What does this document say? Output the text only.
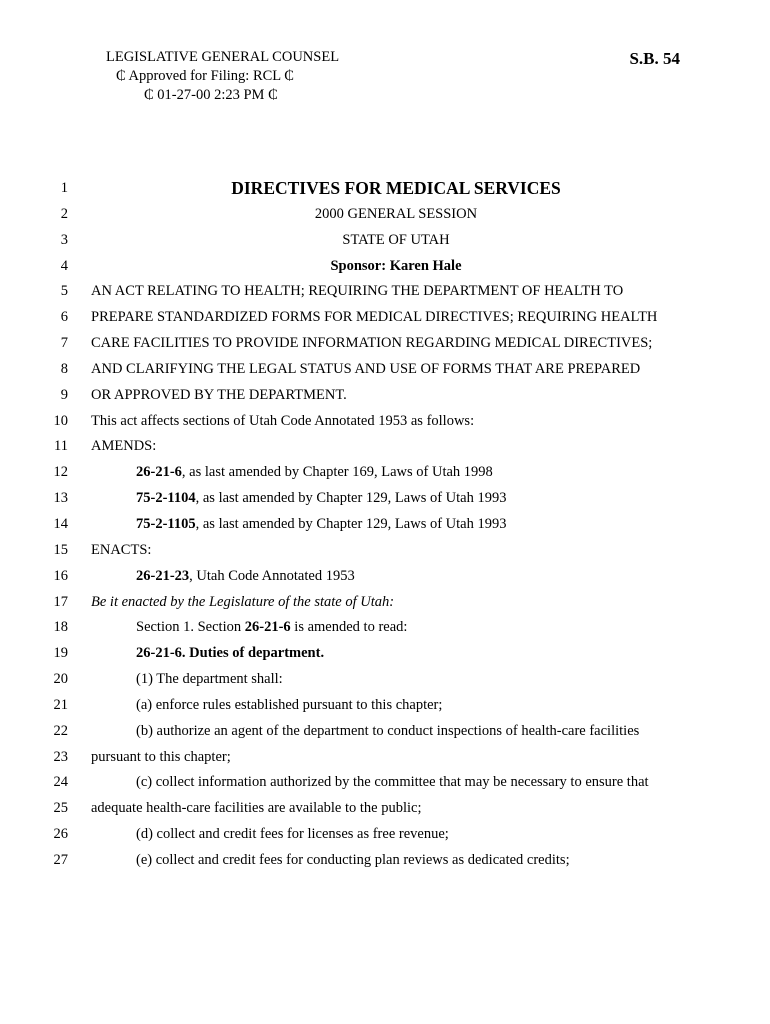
LEGISLATIVE GENERAL COUNSEL
₵ Approved for Filing: RCL ₵
₵ 01-27-00 2:23 PM ₵
S.B. 54
1	DIRECTIVES FOR MEDICAL SERVICES
2	2000 GENERAL SESSION
3	STATE OF UTAH
4	Sponsor: Karen Hale
5 AN ACT RELATING TO HEALTH; REQUIRING THE DEPARTMENT OF HEALTH TO
6 PREPARE STANDARDIZED FORMS FOR MEDICAL DIRECTIVES; REQUIRING HEALTH
7 CARE FACILITIES TO PROVIDE INFORMATION REGARDING MEDICAL DIRECTIVES;
8 AND CLARIFYING THE LEGAL STATUS AND USE OF FORMS THAT ARE PREPARED
9 OR APPROVED BY THE DEPARTMENT.
10 This act affects sections of Utah Code Annotated 1953 as follows:
11 AMENDS:
12	26-21-6, as last amended by Chapter 169, Laws of Utah 1998
13	75-2-1104, as last amended by Chapter 129, Laws of Utah 1993
14	75-2-1105, as last amended by Chapter 129, Laws of Utah 1993
15 ENACTS:
16	26-21-23, Utah Code Annotated 1953
17 Be it enacted by the Legislature of the state of Utah:
18	Section 1. Section 26-21-6 is amended to read:
19	26-21-6. Duties of department.
20	(1) The department shall:
21	(a) enforce rules established pursuant to this chapter;
22	(b) authorize an agent of the department to conduct inspections of health-care facilities
23 pursuant to this chapter;
24	(c) collect information authorized by the committee that may be necessary to ensure that
25 adequate health-care facilities are available to the public;
26	(d) collect and credit fees for licenses as free revenue;
27	(e) collect and credit fees for conducting plan reviews as dedicated credits;
